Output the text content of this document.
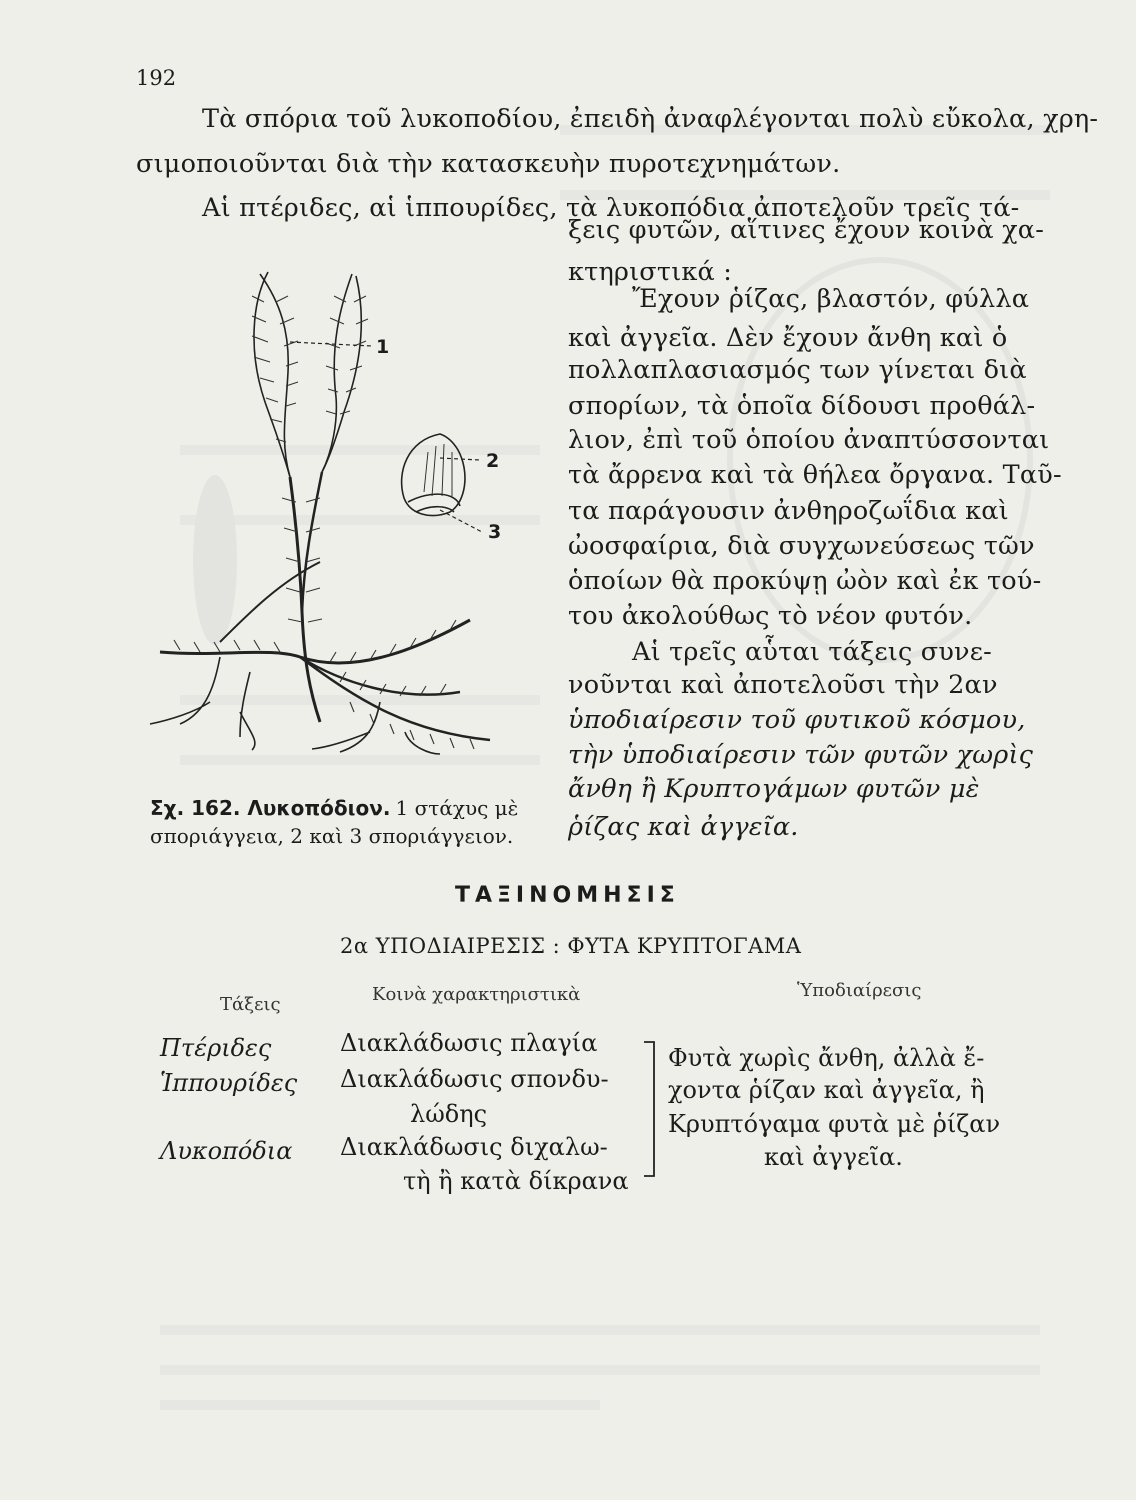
192
Τὰ σπόρια τοῦ λυκοποδίου, ἐπειδὴ ἀναφλέγονται πολὺ εὔκολα, χρη-
σιμοποιοῦνται διὰ τὴν κατασκευὴν πυροτεχνημάτων.
Αἱ πτέριδες, αἱ ἱππουρίδες, τὰ λυκοπόδια ἀποτελοῦν τρεῖς τά-
ξεις φυτῶν, αἵτινες ἔχουν κοινὰ χα-
κτηριστικά :
Ἔχουν ῥίζας, βλαστόν, φύλλα
καὶ ἀγγεῖα. Δὲν ἔχουν ἄνθη καὶ ὁ
πολλαπλασιασμός των γίνεται διὰ
σπορίων, τὰ ὁποῖα δίδουσι προθάλ-
λιον, ἐπὶ τοῦ ὁποίου ἀναπτύσσονται
τὰ ἄρρενα καὶ τὰ θήλεα ὄργανα. Ταῦ-
τα παράγουσιν ἀνθηροζωΐδια καὶ
ὠοσφαίρια, διὰ συγχωνεύσεως τῶν
ὁποίων θὰ προκύψῃ ὠὸν καὶ ἐκ τού-
του ἀκολούθως τὸ νέον φυτόν.
Αἱ τρεῖς αὗται τάξεις συνε-
νοῦνται καὶ ἀποτελοῦσι τὴν 2αν
ὑποδιαίρεσιν τοῦ φυτικοῦ κόσμου,
τὴν ὑποδιαίρεσιν τῶν φυτῶν χωρὶς
ἄνθη ἢ Κρυπτογάμων φυτῶν μὲ
ῥίζας καὶ ἀγγεῖα.
1
2
3
Σχ. 162. Λυκοπόδιον. 1 στάχυς μὲ
σποριάγγεια, 2 καὶ 3 σποριάγγειον.
ΤΑΞΙΝΟΜΗΣΙΣ
2α ΥΠΟΔΙΑΙΡΕΣΙΣ : ΦΥΤΑ ΚΡΥΠΤΟΓΑΜΑ
Τάξεις	Κοινὰ χαρακτηριστικὰ	Ὑποδιαίρεσις
Πτέριδες
Ἱππουρίδες
Λυκοπόδια
Διακλάδωσις πλαγία
Διακλάδωσις σπονδυ-
λώδης
Διακλάδωσις διχαλω-
τὴ ἢ κατὰ δίκρανα
Φυτὰ χωρὶς ἄνθη, ἀλλὰ ἔ-
χοντα ῥίζαν καὶ ἀγγεῖα, ἢ
Κρυπτόγαμα φυτὰ μὲ ῥίζαν
καὶ ἀγγεῖα.
